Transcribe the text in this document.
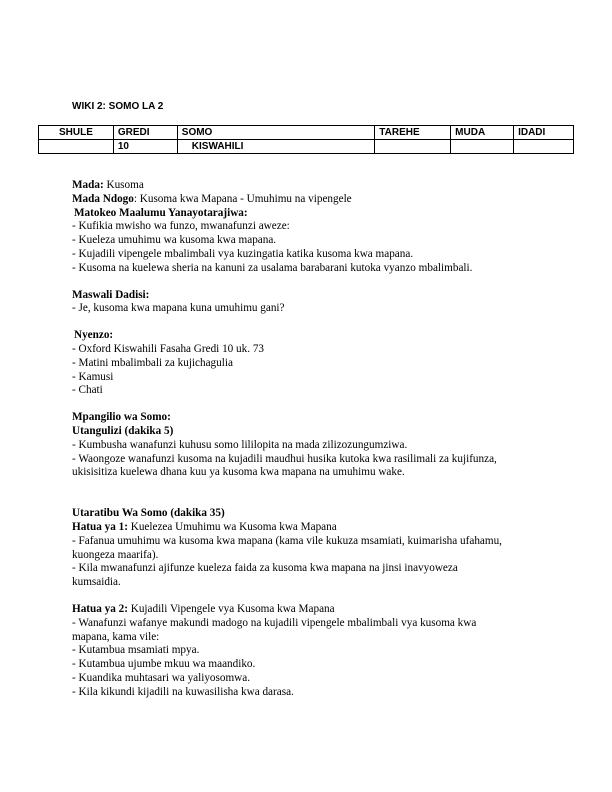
WIKI 2: SOMO LA 2
SHULE	GREDI	SOMO	TAREHE	MUDA	IDADI
	10	KISWAHILI			

Mada: Kusoma

Mada Ndogo: Kusoma kwa Mapana - Umuhimu na vipengele

Matokeo Maalumu Yanayotarajiwa:

- Kufikia mwisho wa funzo, mwanafunzi aweze:

- Kueleza umuhimu wa kusoma kwa mapana.

- Kujadili vipengele mbalimbali vya kuzingatia katika kusoma kwa mapana.

- Kusoma na kuelewa sheria na kanuni za usalama barabarani kutoka vyanzo mbalimbali.

Maswali Dadisi:

- Je, kusoma kwa mapana kuna umuhimu gani?

Nyenzo:

- Oxford Kiswahili Fasaha Gredi 10 uk. 73

- Matini mbalimbali za kujichagulia

- Kamusi

- Chati

Mpangilio wa Somo:

Utangulizi (dakika 5)

- Kumbusha wanafunzi kuhusu somo lililopita na mada zilizozungumziwa.

- Waongoze wanafunzi kusoma na kujadili maudhui husika kutoka kwa rasilimali za kujifunza,

ukisisitiza kuelewa dhana kuu ya kusoma kwa mapana na umuhimu wake.

Utaratibu Wa Somo (dakika 35)

Hatua ya 1: Kuelezea Umuhimu wa Kusoma kwa Mapana

- Fafanua umuhimu wa kusoma kwa mapana (kama vile kukuza msamiati, kuimarisha ufahamu,

kuongeza maarifa).

- Kila mwanafunzi ajifunze kueleza faida za kusoma kwa mapana na jinsi inavyoweza

kumsaidia.

Hatua ya 2: Kujadili Vipengele vya Kusoma kwa Mapana

- Wanafunzi wafanye makundi madogo na kujadili vipengele mbalimbali vya kusoma kwa

mapana, kama vile:

- Kutambua msamiati mpya.

- Kutambua ujumbe mkuu wa maandiko.

- Kuandika muhtasari wa yaliyosomwa.

- Kila kikundi kijadili na kuwasilisha kwa darasa.
